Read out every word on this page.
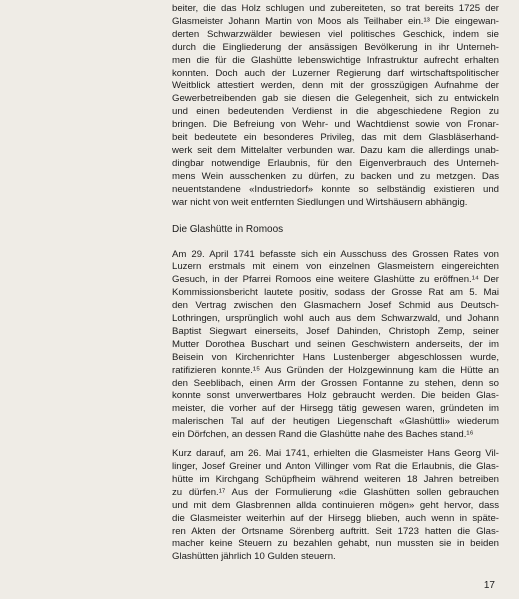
beiter, die das Holz schlugen und zubereiteten, so trat bereits 1725 der
Glasmeister Johann Martin von Moos als Teilhaber ein.¹³ Die eingewan-
derten Schwarzwälder bewiesen viel politisches Geschick, indem sie
durch die Eingliederung der ansässigen Bevölkerung in ihr Unterneh-
men die für die Glashütte lebenswichtige Infrastruktur aufrecht erhalten
konnten. Doch auch der Luzerner Regierung darf wirtschaftspolitischer
Weitblick attestiert werden, denn mit der grosszügigen Aufnahme der
Gewerbetreibenden gab sie diesen die Gelegenheit, sich zu entwickeln
und einen bedeutenden Verdienst in die abgeschiedene Region zu
bringen. Die Befreiung von Wehr- und Wachtdienst sowie von Fronar-
beit bedeutete ein besonderes Privileg, das mit dem Glasbläserhand-
werk seit dem Mittelalter verbunden war. Dazu kam die allerdings unab-
dingbar notwendige Erlaubnis, für den Eigenverbrauch des Unterneh-
mens Wein ausschenken zu dürfen, zu backen und zu metzgen. Das
neuentstandene «Industriedorf» konnte so selbständig existieren und
war nicht von weit entfernten Siedlungen und Wirtshäusern abhängig.
Die Glashütte in Romoos
Am 29. April 1741 befasste sich ein Ausschuss des Grossen Rates von
Luzern erstmals mit einem von einzelnen Glasmeistern eingereichten
Gesuch, in der Pfarrei Romoos eine weitere Glashütte zu eröffnen.¹⁴ Der
Kommissionsbericht lautete positiv, sodass der Grosse Rat am 5. Mai
den Vertrag zwischen den Glasmachern Josef Schmid aus Deutsch-
Lothringen, ursprünglich wohl auch aus dem Schwarzwald, und Johann
Baptist Siegwart einerseits, Josef Dahinden, Christoph Zemp, seiner
Mutter Dorothea Buschart und seinen Geschwistern anderseits, der im
Beisein von Kirchenrichter Hans Lustenberger abgeschlossen wurde,
ratifizieren konnte.¹⁵ Aus Gründen der Holzgewinnung kam die Hütte an
den Seeblibach, einen Arm der Grossen Fontanne zu stehen, denn so
konnte sonst unverwertbares Holz gebraucht werden. Die beiden Glas-
meister, die vorher auf der Hirsegg tätig gewesen waren, gründeten im
malerischen Tal auf der heutigen Liegenschaft «Glashüttli» wiederum
ein Dörfchen, an dessen Rand die Glashütte nahe des Baches stand.¹⁶
Kurz darauf, am 26. Mai 1741, erhielten die Glasmeister Hans Georg Vil-
linger, Josef Greiner und Anton Villinger vom Rat die Erlaubnis, die Glas-
hütte im Kirchgang Schüpfheim während weiteren 18 Jahren betreiben
zu dürfen.¹⁷ Aus der Formulierung «die Glashütten sollen gebrauchen
und mit dem Glasbrennen allda continuieren mögen» geht hervor, dass
die Glasmeister weiterhin auf der Hirsegg blieben, auch wenn in späte-
ren Akten der Ortsname Sörenberg auftritt. Seit 1723 hatten die Glas-
macher keine Steuern zu bezahlen gehabt, nun mussten sie in beiden
Glashütten jährlich 10 Gulden steuern.
17
